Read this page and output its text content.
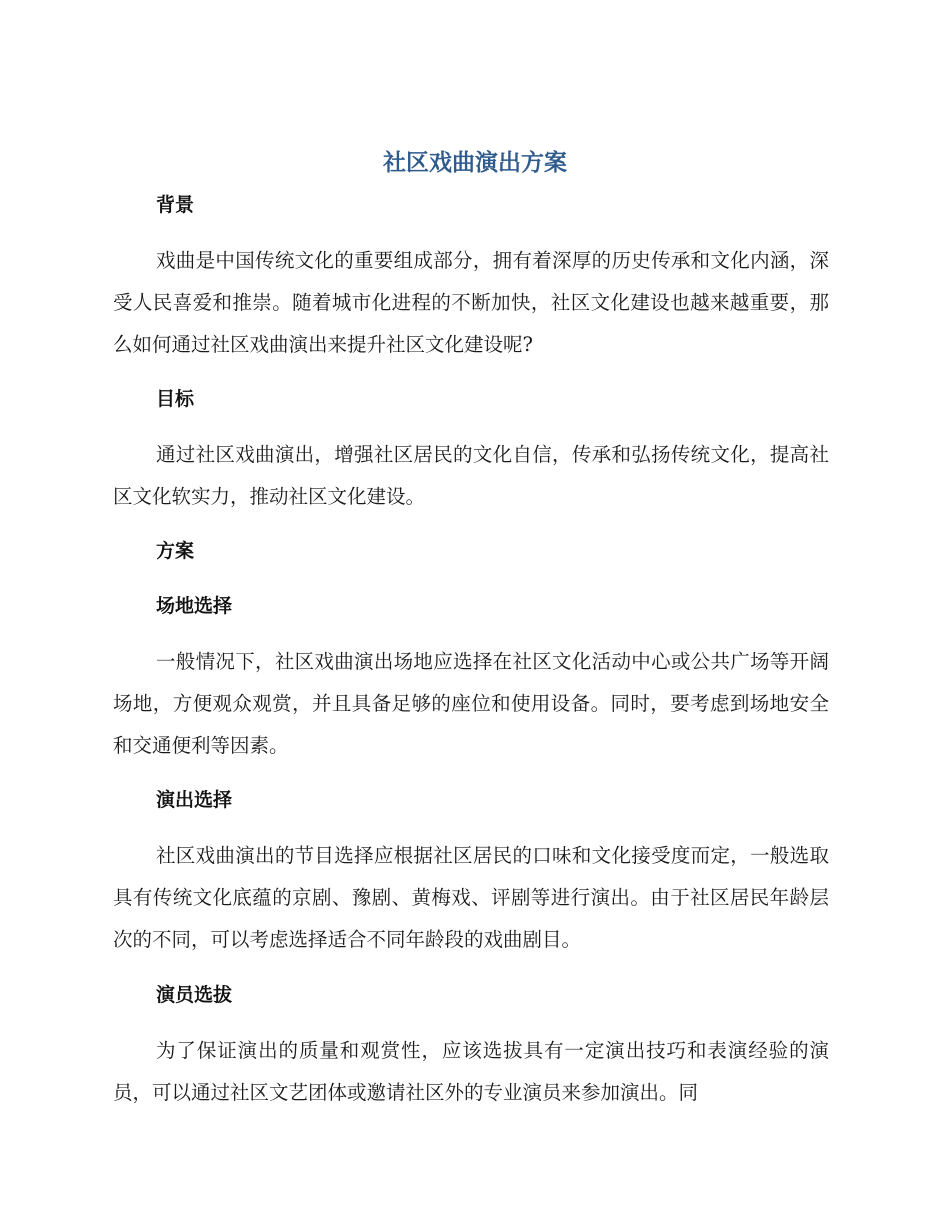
社区戏曲演出方案
背景

戏曲是中国传统文化的重要组成部分，拥有着深厚的历史传承和文化内涵，深受人民喜爱和推崇。随着城市化进程的不断加快，社区文化建设也越来越重要，那么如何通过社区戏曲演出来提升社区文化建设呢?

目标

通过社区戏曲演出，增强社区居民的文化自信，传承和弘扬传统文化，提高社区文化软实力，推动社区文化建设。

方案
场地选择

一般情况下，社区戏曲演出场地应选择在社区文化活动中心或公共广场等开阔场地，方便观众观赏，并且具备足够的座位和使用设备。同时，要考虑到场地安全和交通便利等因素。

演出选择

社区戏曲演出的节目选择应根据社区居民的口味和文化接受度而定，一般选取具有传统文化底蕴的京剧、豫剧、黄梅戏、评剧等进行演出。由于社区居民年龄层次的不同，可以考虑选择适合不同年龄段的戏曲剧目。

演员选拔

为了保证演出的质量和观赏性，应该选拔具有一定演出技巧和表演经验的演员，可以通过社区文艺团体或邀请社区外的专业演员来参加演出。同
